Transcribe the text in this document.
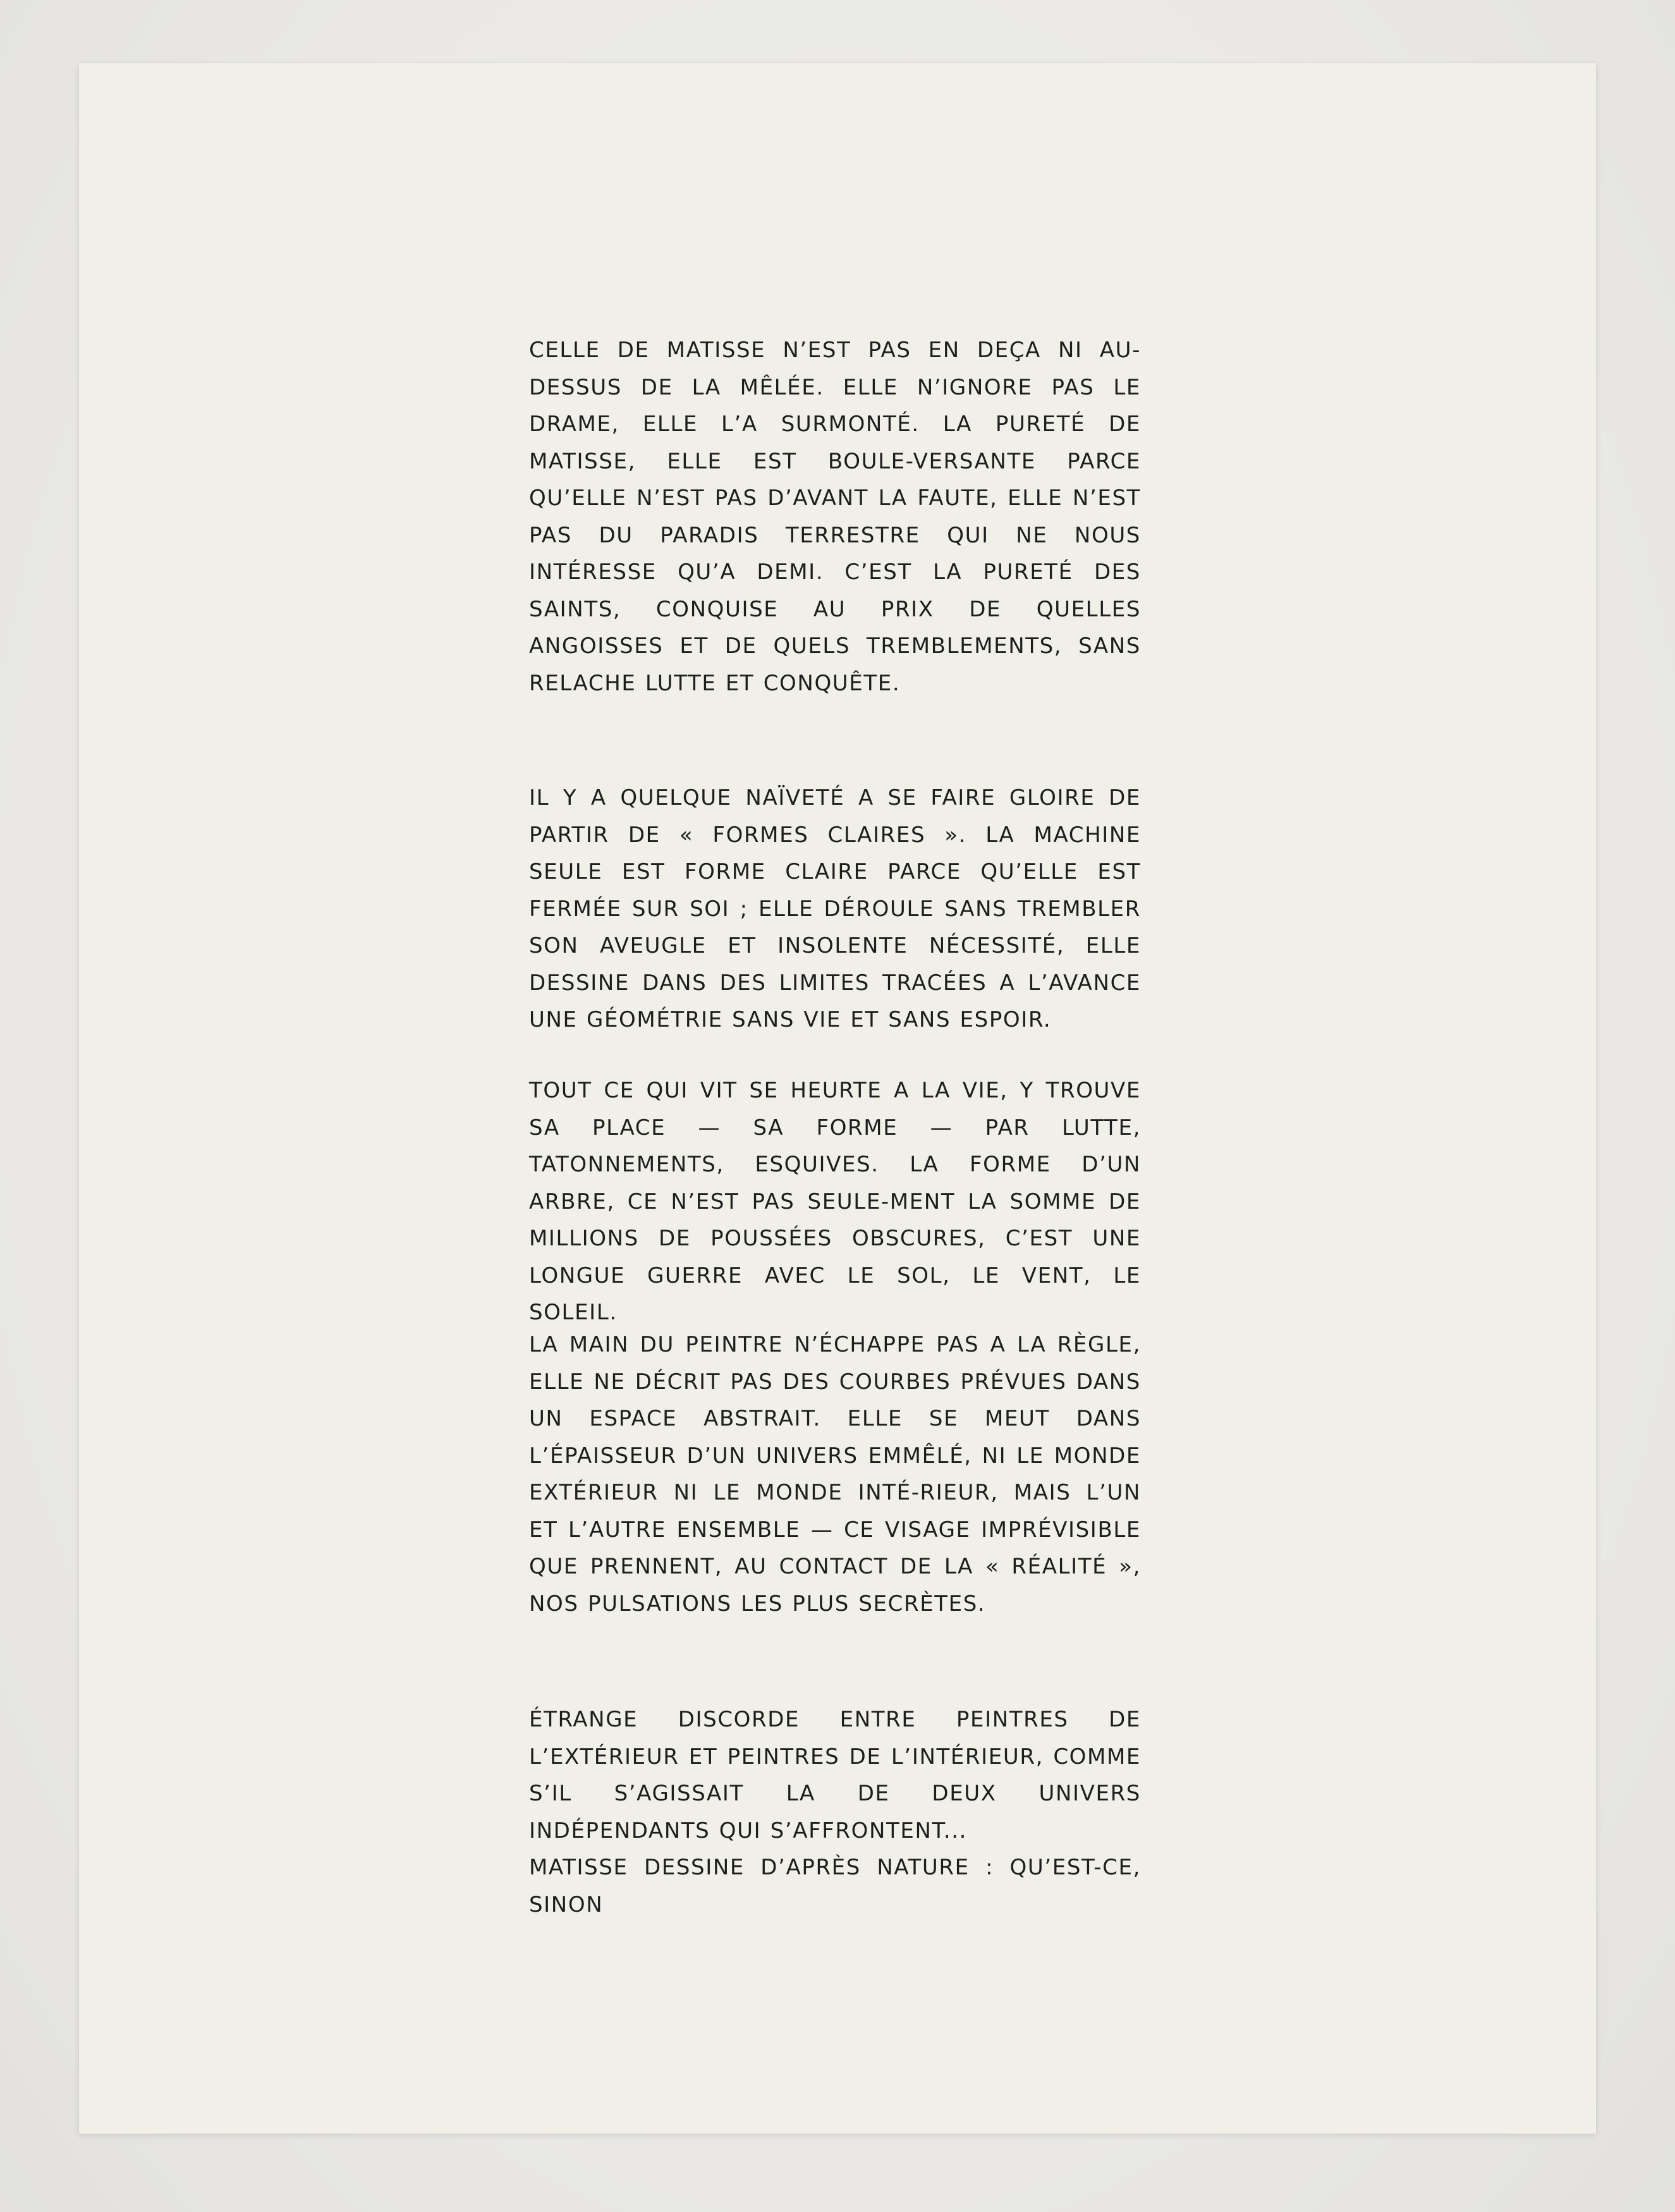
CELLE DE MATISSE N’EST PAS EN DEÇA NI AU-DESSUS DE LA MÊLÉE. ELLE N’IGNORE PAS LE DRAME, ELLE L’A SURMONTÉ. LA PURETÉ DE MATISSE, ELLE EST BOULE-VERSANTE PARCE QU’ELLE N’EST PAS D’AVANT LA FAUTE, ELLE N’EST PAS DU PARADIS TERRESTRE QUI NE NOUS INTÉRESSE QU’A DEMI. C’EST LA PURETÉ DES SAINTS, CONQUISE AU PRIX DE QUELLES ANGOISSES ET DE QUELS TREMBLEMENTS, SANS RELACHE LUTTE ET CONQUÊTE.

IL Y A QUELQUE NAÏVETÉ A SE FAIRE GLOIRE DE PARTIR DE « FORMES CLAIRES ». LA MACHINE SEULE EST FORME CLAIRE PARCE QU’ELLE EST FERMÉE SUR SOI ; ELLE DÉROULE SANS TREMBLER SON AVEUGLE ET INSOLENTE NÉCESSITÉ, ELLE DESSINE DANS DES LIMITES TRACÉES A L’AVANCE UNE GÉOMÉTRIE SANS VIE ET SANS ESPOIR.

TOUT CE QUI VIT SE HEURTE A LA VIE, Y TROUVE SA PLACE — SA FORME — PAR LUTTE, TATONNEMENTS, ESQUIVES. LA FORME D’UN ARBRE, CE N’EST PAS SEULE-MENT LA SOMME DE MILLIONS DE POUSSÉES OBSCURES, C’EST UNE LONGUE GUERRE AVEC LE SOL, LE VENT, LE SOLEIL.

LA MAIN DU PEINTRE N’ÉCHAPPE PAS A LA RÈGLE, ELLE NE DÉCRIT PAS DES COURBES PRÉVUES DANS UN ESPACE ABSTRAIT. ELLE SE MEUT DANS L’ÉPAISSEUR D’UN UNIVERS EMMÊLÉ, NI LE MONDE EXTÉRIEUR NI LE MONDE INTÉ-RIEUR, MAIS L’UN ET L’AUTRE ENSEMBLE — CE VISAGE IMPRÉVISIBLE QUE PRENNENT, AU CONTACT DE LA « RÉALITÉ », NOS PULSATIONS LES PLUS SECRÈTES.

ÉTRANGE DISCORDE ENTRE PEINTRES DE L’EXTÉRIEUR ET PEINTRES DE L’INTÉRIEUR, COMME S’IL S’AGISSAIT LA DE DEUX UNIVERS INDÉPENDANTS QUI S’AFFRONTENT...

MATISSE DESSINE D’APRÈS NATURE : QU’EST-CE, SINON
